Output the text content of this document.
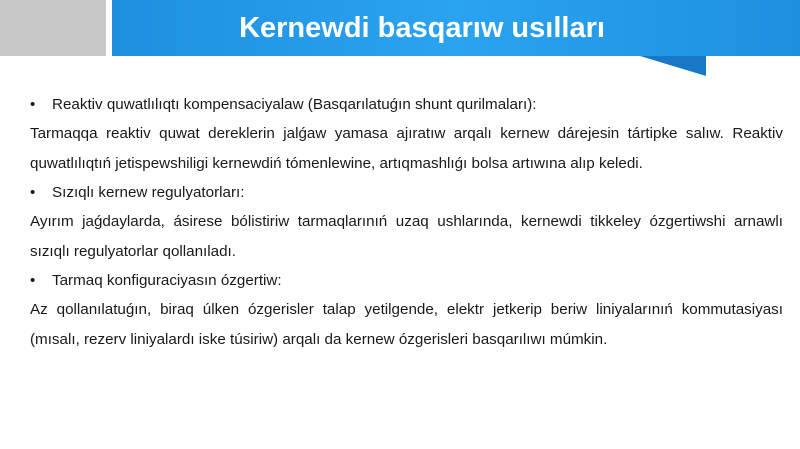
Kernewdi basqarıw usılları
•	Reaktiv quwatlılıqtı kompensaciyalaw (Basqarılatuǵın shunt qurilmaları):

Tarmaqqa reaktiv quwat dereklerin jalǵaw yamasa ajıratıw arqalı kernew dárejesin tártipke salıw. Reaktiv quwatlılıqtıń jetispewshiligi kernewdiń tómenlewine, artıqmashlıǵı bolsa artıwına alıp keledi.

•	Sızıqlı kernew regulyatorları:

Ayırım jaǵdaylarda, ásirese bólistiriw tarmaqlarınıń uzaq ushlarında, kernewdi tikkeley ózgertiwshi arnawlı sızıqlı regulyatorlar qollanıladı.

•	Tarmaq konfiguraciyasın ózgertiw:

Az qollanılatuǵın, biraq úlken ózgerisler talap yetilgende, elektr jetkerip beriw liniyalarınıń kommutasiyası (mısalı, rezerv liniyalardı iske túsiriw) arqalı da kernew ózgerisleri basqarılıwı múmkin.
